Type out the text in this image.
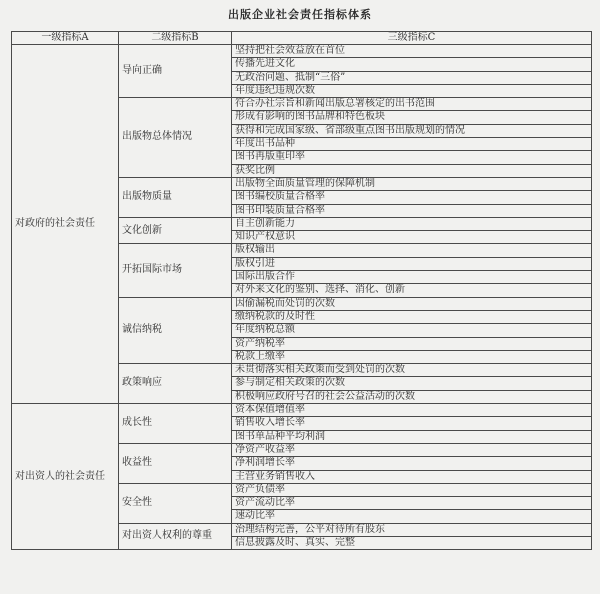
出版企业社会责任指标体系
一级指标A	二级指标B	三级指标C
对政府的社会责任	导向正确	坚持把社会效益放在首位
		传播先进文化
		无政治问题、抵制“三俗”
		年度违纪违规次数
	出版物总体情况	符合办社宗旨和新闻出版总署核定的出书范围
		形成有影响的图书品牌和特色板块
		获得和完成国家级、省部级重点图书出版规划的情况
		年度出书品种
		图书再版重印率
		获奖比例
	出版物质量	出版物全面质量管理的保障机制
		图书编校质量合格率
		图书印装质量合格率
	文化创新	自主创新能力
		知识产权意识
	开拓国际市场	版权输出
		版权引进
		国际出版合作
		对外来文化的鉴别、选择、消化、创新
	诚信纳税	因偷漏税而处罚的次数
		缴纳税款的及时性
		年度纳税总额
		资产纳税率
		税款上缴率
	政策响应	未贯彻落实相关政策而受到处罚的次数
		参与制定相关政策的次数
		积极响应政府号召的社会公益活动的次数
对出资人的社会责任	成长性	资本保值增值率
		销售收入增长率
		图书单品种平均利润
	收益性	净资产收益率
		净利润增长率
		主营业务销售收入
	安全性	资产负债率
		资产流动比率
		速动比率
	对出资人权利的尊重	治理结构完善，公平对待所有股东
		信息披露及时、真实、完整
